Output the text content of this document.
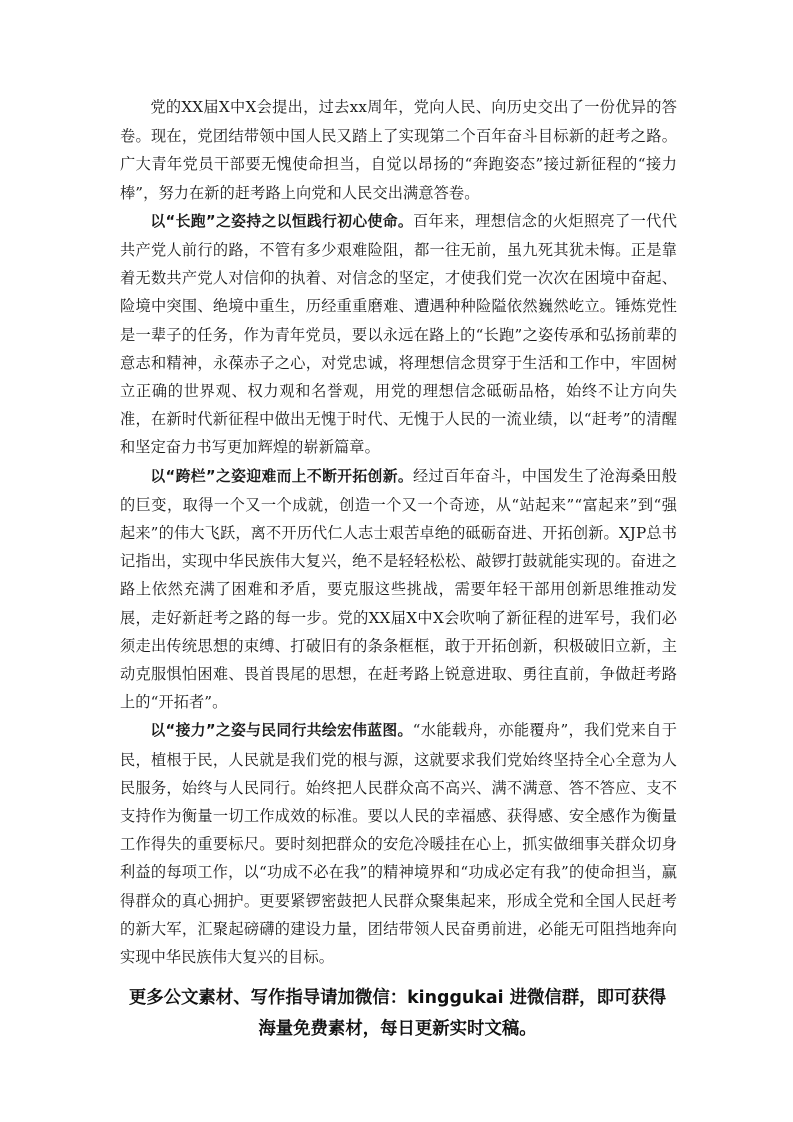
党的XX届X中X会提出，过去xx周年，党向人民、向历史交出了一份优异的答卷。现在，党团结带领中国人民又踏上了实现第二个百年奋斗目标新的赶考之路。广大青年党员干部要无愧使命担当，自觉以昂扬的“奔跑姿态”接过新征程的“接力棒”，努力在新的赶考路上向党和人民交出满意答卷。

以“长跑”之姿持之以恒践行初心使命。百年来，理想信念的火炬照亮了一代代共产党人前行的路，不管有多少艰难险阻，都一往无前，虽九死其犹未悔。正是靠着无数共产党人对信仰的执着、对信念的坚定，才使我们党一次次在困境中奋起、险境中突围、绝境中重生，历经重重磨难、遭遇种种险隘依然巍然屹立。锤炼党性是一辈子的任务，作为青年党员，要以永远在路上的“长跑”之姿传承和弘扬前辈的意志和精神，永葆赤子之心，对党忠诚，将理想信念贯穿于生活和工作中，牢固树立正确的世界观、权力观和名誉观，用党的理想信念砥砺品格，始终不让方向失准，在新时代新征程中做出无愧于时代、无愧于人民的一流业绩，以“赶考”的清醒和坚定奋力书写更加辉煌的崭新篇章。

以“跨栏”之姿迎难而上不断开拓创新。经过百年奋斗，中国发生了沧海桑田般的巨变，取得一个又一个成就，创造一个又一个奇迹，从“站起来”“富起来”到“强起来”的伟大飞跃，离不开历代仁人志士艰苦卓绝的砥砺奋进、开拓创新。XJP总书记指出，实现中华民族伟大复兴，绝不是轻轻松松、敲锣打鼓就能实现的。奋进之路上依然充满了困难和矛盾，要克服这些挑战，需要年轻干部用创新思维推动发展，走好新赶考之路的每一步。党的XX届X中X会吹响了新征程的进军号，我们必须走出传统思想的束缚、打破旧有的条条框框，敢于开拓创新，积极破旧立新，主动克服惧怕困难、畏首畏尾的思想，在赶考路上锐意进取、勇往直前，争做赶考路上的“开拓者”。

以“接力”之姿与民同行共绘宏伟蓝图。“水能载舟，亦能覆舟”，我们党来自于民，植根于民，人民就是我们党的根与源，这就要求我们党始终坚持全心全意为人民服务，始终与人民同行。始终把人民群众高不高兴、满不满意、答不答应、支不支持作为衡量一切工作成效的标准。要以人民的幸福感、获得感、安全感作为衡量工作得失的重要标尺。要时刻把群众的安危冷暖挂在心上，抓实做细事关群众切身利益的每项工作，以“功成不必在我”的精神境界和“功成必定有我”的使命担当，赢得群众的真心拥护。更要紧锣密鼓把人民群众聚集起来，形成全党和全国人民赶考的新大军，汇聚起磅礴的建设力量，团结带领人民奋勇前进，必能无可阻挡地奔向实现中华民族伟大复兴的目标。

更多公文素材、写作指导请加微信：kinggukai 进微信群，即可获得
海量免费素材，每日更新实时文稿。
